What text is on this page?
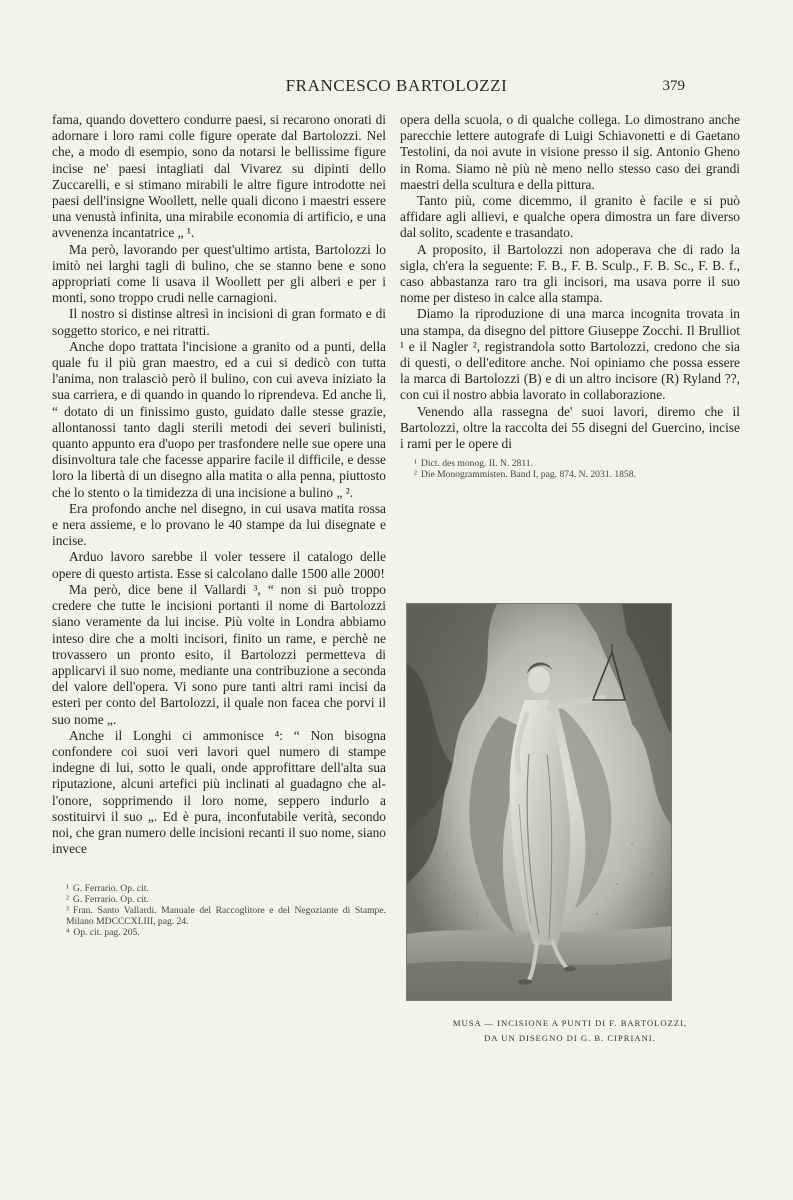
FRANCESCO BARTOLOZZI	379

fama, quando dovettero condurre paesi, si recarono onorati di adornare i loro rami colle figure operate dal Bartolozzi. Nel che, a modo di esempio, sono da notarsi le bellissime figure incise ne' paesi intagliati dal Vivarez su dipinti dello Zuccarelli, e si stimano mirabili le altre figure introdotte nei paesi dell'insigne Woollett, nelle quali dicono i maestri essere una venustà infinita, una mirabile economia di artificio, e una avvenenza incantatrice „ ¹.

Ma però, lavorando per quest'ultimo artista, Bartolozzi lo imitò nei larghi tagli di bulino, che se stanno bene e sono appropriati come li usava il Woollett per gli alberi e per i monti, sono troppo crudi nelle carnagioni.

Il nostro si distinse altresì in incisioni di gran formato e di soggetto storico, e nei ritratti.

Anche dopo trattata l'incisione a granito od a punti, della quale fu il più gran maestro, ed a cui si dedicò con tutta l'anima, non tralasciò però il bulino, con cui aveva iniziato la sua carriera, e di quando in quando lo riprendeva. Ed anche lì, “ dotato di un finissimo gusto, guidato dalle stesse grazie, allontanossi tanto dagli sterili metodi dei severi bulinisti, quanto appunto era d'uopo per trasfondere nelle sue opere una disinvoltura tale che facesse apparire facile il difficile, e desse loro la libertà di un disegno alla matita o alla penna, piuttosto che lo stento o la timidezza di una incisione a bulino „ ².

Era profondo anche nel disegno, in cui usava matita rossa e nera assieme, e lo provano le 40 stampe da lui disegnate e incise.

Arduo lavoro sarebbe il voler tessere il catalogo delle opere di questo artista. Esse si calcolano dalle 1500 alle 2000!

Ma però, dice bene il Vallardi ³, “ non si può troppo credere che tutte le incisioni portanti il nome di Bartolozzi siano veramente da lui incise. Più volte in Londra abbiamo inteso dire che a molti incisori, finito un rame, e perchè ne trovassero un pronto esito, il Bartolozzi permetteva di applicarvi il suo nome, mediante una contribuzione a seconda del valore dell'opera. Vi sono pure tanti altri rami incisi da esteri per conto del Bartolozzi, il quale non facea che porvi il suo nome „.

Anche il Longhi ci ammonisce ⁴: “ Non bisogna confondere coi suoi veri lavori quel numero di stampe indegne di lui, sotto le quali, onde approfittare dell'alta sua riputazione, alcuni artefici più inclinati al guadagno che all'onore, sopprimendo il loro nome, seppero indurlo a sostituirvi il suo „. Ed è pura, inconfutabile verità, secondo noi, che gran numero delle incisioni recanti il suo nome, siano invece

¹ G. Ferrario. Op. cit.
² G. Ferrario. Op. cit.
³ Fran. Santo Vallardi. Manuale del Raccoglitore e del Negoziante di Stampe. Milano MDCCCXLIII, pag. 24.
⁴ Op. cit. pag. 205.

opera della scuola, o di qualche collega. Lo dimostrano anche parecchie lettere autografe di Luigi Schiavonetti e di Gaetano Testolini, da noi avute in visione presso il sig. Antonio Gheno in Roma. Siamo nè più nè meno nello stesso caso dei grandi maestri della scultura e della pittura.

Tanto più, come dicemmo, il granito è facile e si può affidare agli allievi, e qualche opera dimostra un fare diverso dal solito, scadente e trasandato.

A proposito, il Bartolozzi non adoperava che di rado la sigla, ch'era la seguente: F. B., F. B. Sculp., F. B. Sc., F. B. f., caso abbastanza raro tra gli incisori, ma usava porre il suo nome per disteso in calce alla stampa.

Diamo la riproduzione di una marca incognita trovata in una stampa, da disegno del pittore Giuseppe Zocchi. Il Brulliot ¹ e il Nagler ², registrandola sotto Bartolozzi, credono che sia di questi, o dell'editore anche. Noi opiniamo che possa essere la marca di Bartolozzi (B) e di un altro incisore (R) Ryland ??, con cui il nostro abbia lavorato in collaborazione.

Venendo alla rassegna de' suoi lavori, diremo che il Bartolozzi, oltre la raccolta dei 55 disegni del Guercino, incise i rami per le opere di

¹ Dict. des monog. II. N. 2811.
² Die Monogrammisten. Band I, pag. 874. N. 2031. 1858.
MUSA — INCISIONE A PUNTI DI F. BARTOLOZZI,
DA UN DISEGNO DI G. B. CIPRIANI.
